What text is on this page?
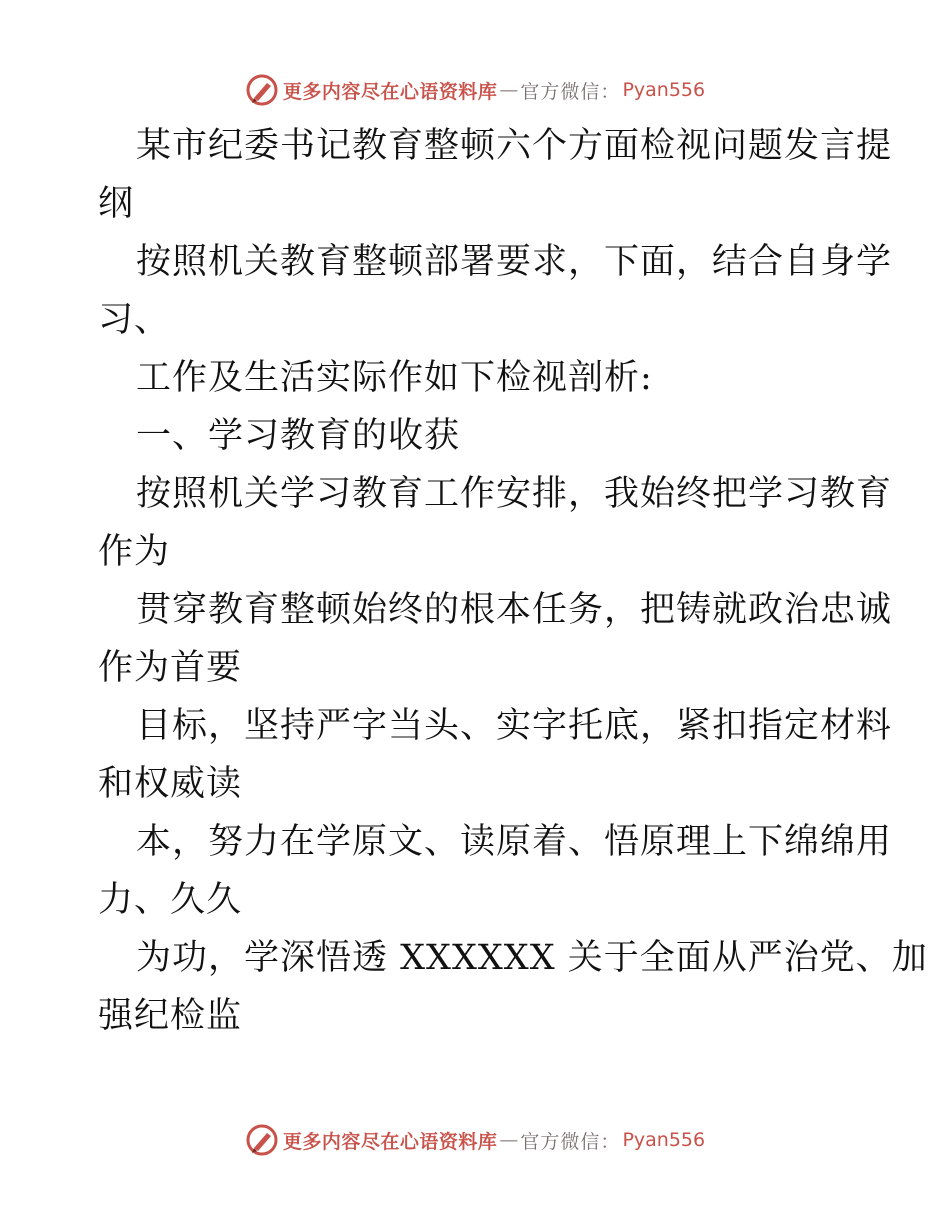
更多内容尽在心语资料库 — 官方微信： Pyan556
某市纪委书记教育整顿六个方面检视问题发言提
纲
按照机关教育整顿部署要求，下面，结合自身学
习、
工作及生活实际作如下检视剖析:
一、学习教育的收获
按照机关学习教育工作安排，我始终把学习教育
作为
贯穿教育整顿始终的根本任务，把铸就政治忠诚
作为首要
目标，坚持严字当头、实字托底，紧扣指定材料
和权威读
本，努力在学原文、读原着、悟原理上下绵绵用
力、久久
为功，学深悟透 XXXXXX 关于全面从严治党、加
强纪检监
更多内容尽在心语资料库 — 官方微信： Pyan556
